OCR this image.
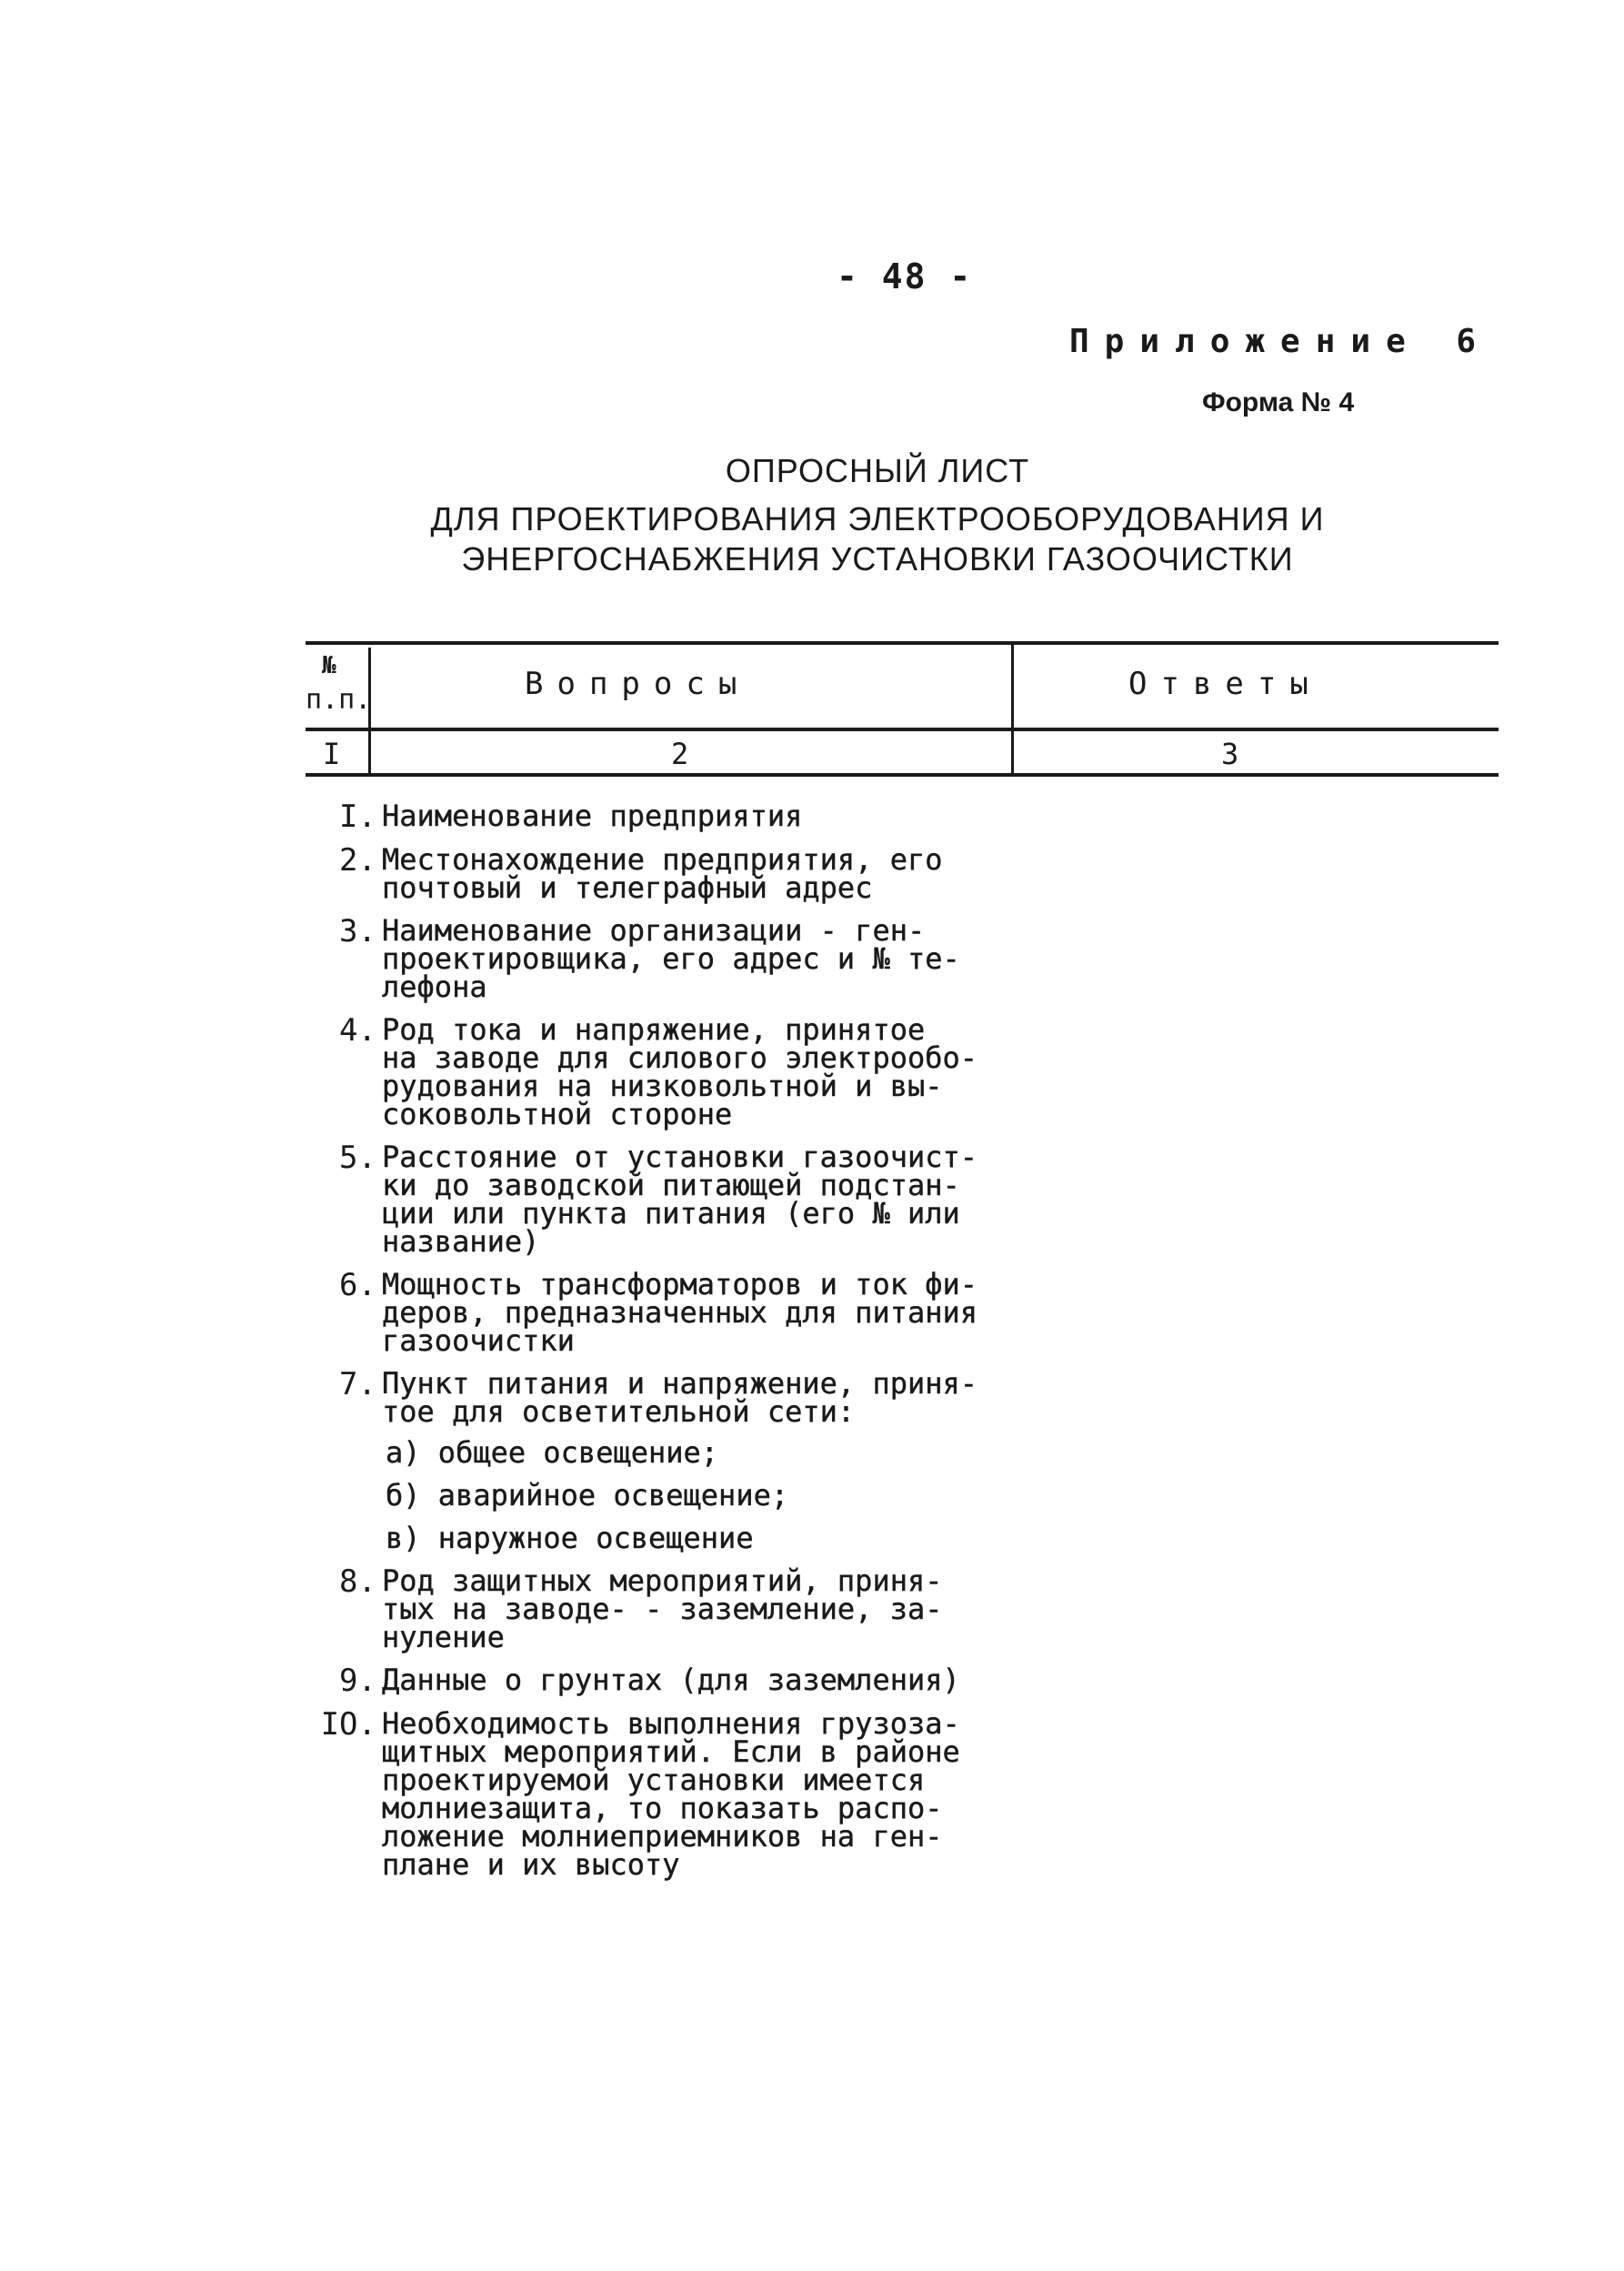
- 48 -
Приложение 6
Форма № 4
ОПРОСНЫЙ ЛИСТ
ДЛЯ ПРОЕКТИРОВАНИЯ ЭЛЕКТРООБОРУДОВАНИЯ И
ЭНЕРГОСНАБЖЕНИЯ УСТАНОВКИ ГАЗООЧИСТКИ
№
п.п.	Вопросы	Ответы
I	2	3
I. Наименование предприятия
2. Местонахождение предприятия, его
почтовый и телеграфный адрес
3. Наименование организации - ген-
проектировщика, его адрес и № те-
лефона
4. Род тока и напряжение, принятое
на заводе для силового электрообо-
рудования на низковольтной и вы-
соковольтной стороне
5. Расстояние от установки газоочист-
ки до заводской питающей подстан-
ции или пункта питания (его № или
название)
6. Мощность трансформаторов и ток фи-
деров, предназначенных для питания
газоочистки
7. Пункт питания и напряжение, приня-
тое для осветительной сети:
а) общее освещение;
б) аварийное освещение;
в) наружное освещение
8. Род защитных мероприятий, приня-
тых на заводе- - заземление, за-
нуление
9. Данные о грунтах (для заземления)
IO. Необходимость выполнения грузоза-
щитных мероприятий. Если в районе
проектируемой установки имеется
молниезащита, то показать распо-
ложение молниеприемников на ген-
плане и их высоту
